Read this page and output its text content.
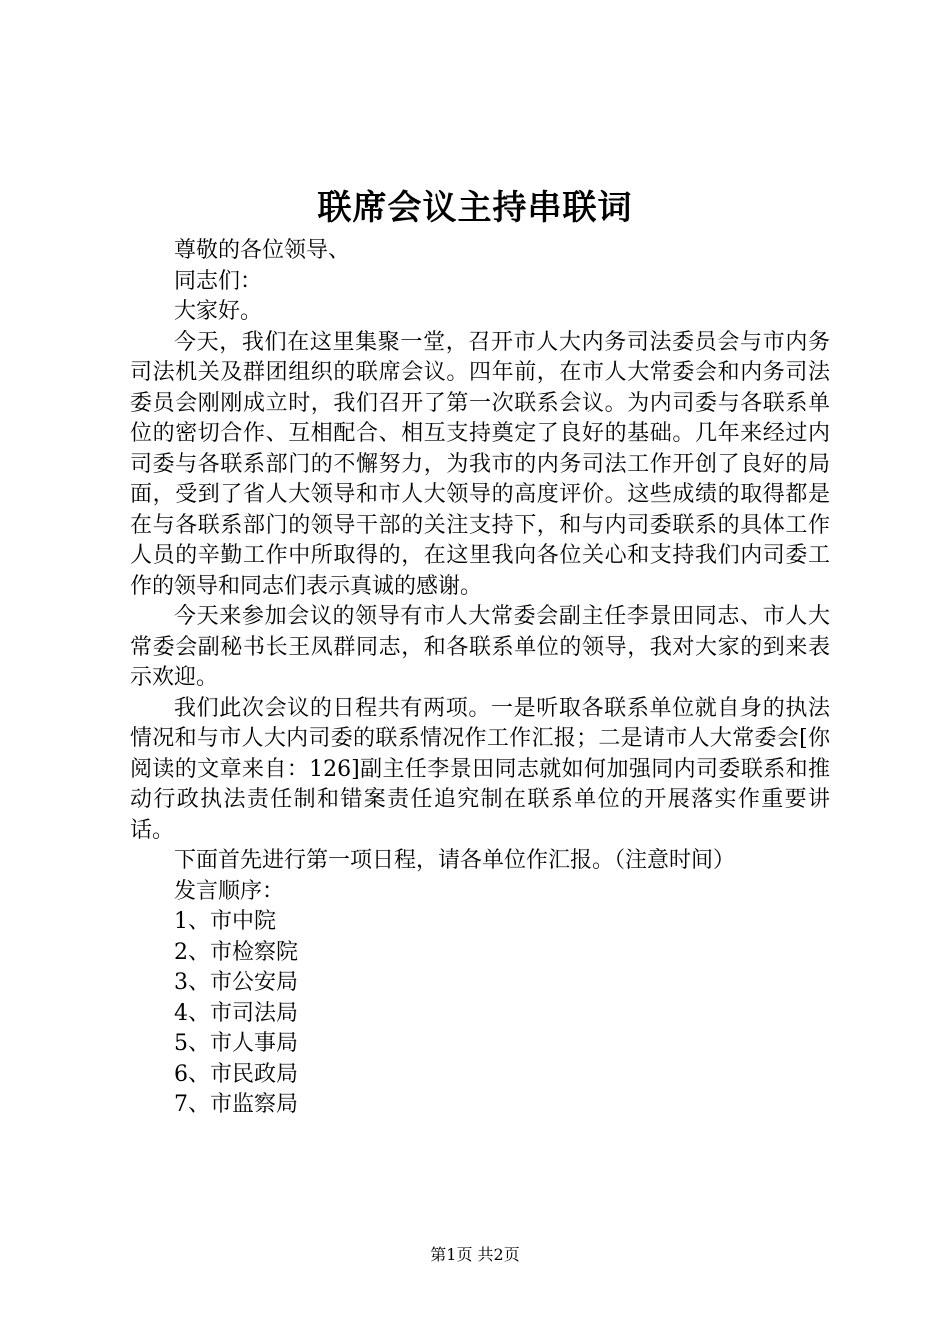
联席会议主持串联词

尊敬的各位领导、

同志们：

大家好。

今天，我们在这里集聚一堂，召开市人大内务司法委员会与市内务司法机关及群团组织的联席会议。四年前，在市人大常委会和内务司法委员会刚刚成立时，我们召开了第一次联系会议。为内司委与各联系单位的密切合作、互相配合、相互支持奠定了良好的基础。几年来经过内司委与各联系部门的不懈努力，为我市的内务司法工作开创了良好的局面，受到了省人大领导和市人大领导的高度评价。这些成绩的取得都是在与各联系部门的领导干部的关注支持下，和与内司委联系的具体工作人员的辛勤工作中所取得的，在这里我向各位关心和支持我们内司委工作的领导和同志们表示真诚的感谢。

今天来参加会议的领导有市人大常委会副主任李景田同志、市人大常委会副秘书长王凤群同志，和各联系单位的领导，我对大家的到来表示欢迎。

我们此次会议的日程共有两项。一是听取各联系单位就自身的执法情况和与市人大内司委的联系情况作工作汇报；二是请市人大常委会[你阅读的文章来自：126]副主任李景田同志就如何加强同内司委联系和推动行政执法责任制和错案责任追究制在联系单位的开展落实作重要讲话。

下面首先进行第一项日程，请各单位作汇报。（注意时间）

发言顺序：

1、市中院

2、市检察院

3、市公安局

4、市司法局

5、市人事局

6、市民政局

7、市监察局

第1页 共2页
